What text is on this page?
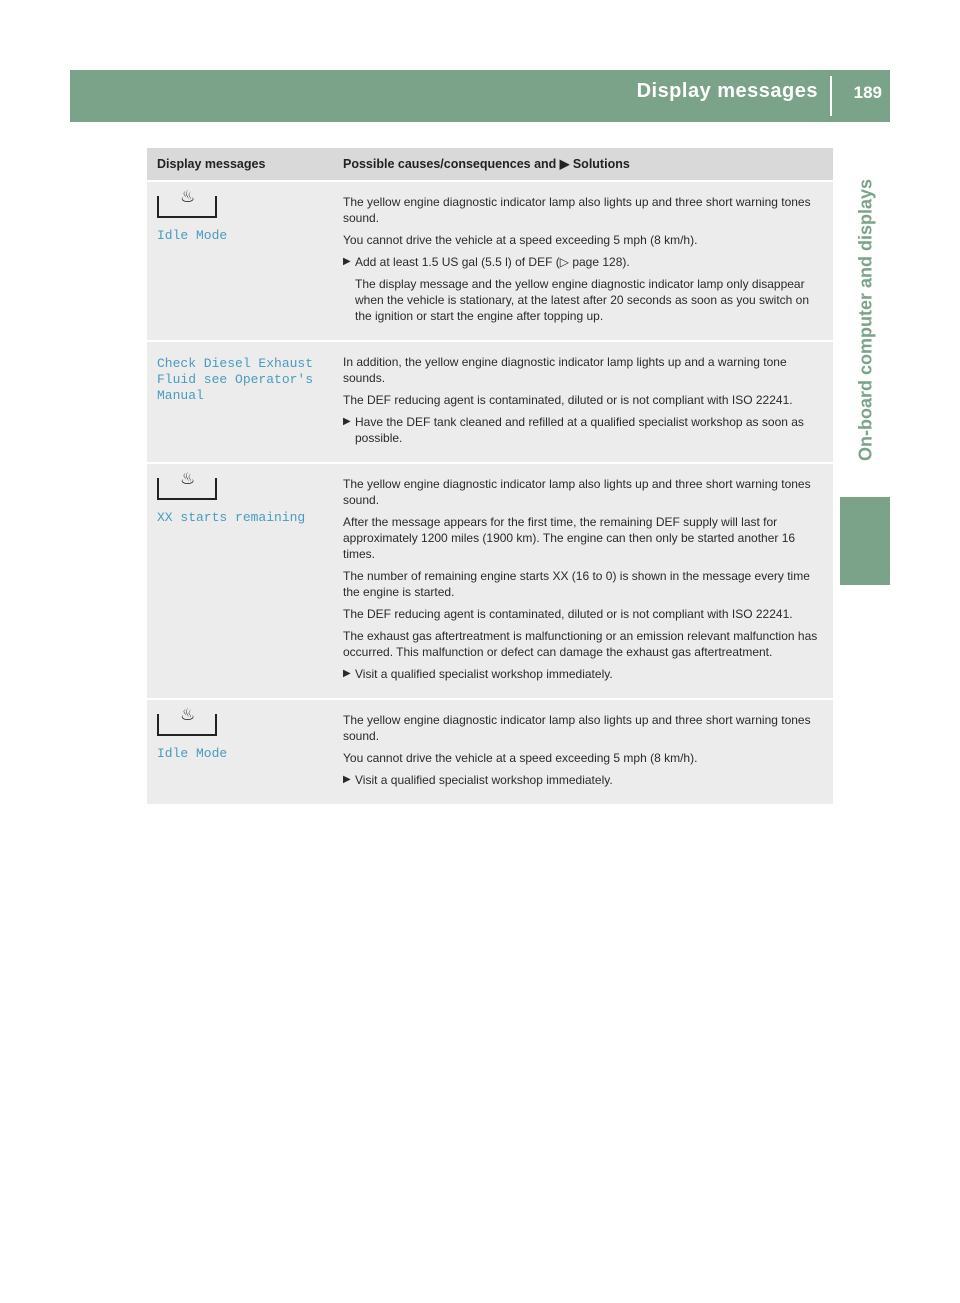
Display messages 189
On-board computer and displays
Display messages	Possible causes/consequences and ▶ Solutions
♨
Idle Mode

The yellow engine diagnostic indicator lamp also lights up and three short warning tones sound.

You cannot drive the vehicle at a speed exceeding 5 mph (8 km/h).

▶ Add at least 1.5 US gal (5.5 l) of DEF (▷ page 128).
The display message and the yellow engine diagnostic indicator lamp only disappear when the vehicle is stationary, at the latest after 20 seconds as soon as you switch on the ignition or start the engine after topping up.
Check Diesel Exhaust Fluid see Operator's Manual

In addition, the yellow engine diagnostic indicator lamp lights up and a warning tone sounds.

The DEF reducing agent is contaminated, diluted or is not compliant with ISO 22241.

▶ Have the DEF tank cleaned and refilled at a qualified specialist workshop as soon as possible.
♨
XX starts remaining

The yellow engine diagnostic indicator lamp also lights up and three short warning tones sound.

After the message appears for the first time, the remaining DEF supply will last for approximately 1200 miles (1900 km). The engine can then only be started another 16 times.

The number of remaining engine starts XX (16 to 0) is shown in the message every time the engine is started.

The DEF reducing agent is contaminated, diluted or is not compliant with ISO 22241.

The exhaust gas aftertreatment is malfunctioning or an emission relevant malfunction has occurred. This malfunction or defect can damage the exhaust gas aftertreatment.

▶ Visit a qualified specialist workshop immediately.
♨
Idle Mode

The yellow engine diagnostic indicator lamp also lights up and three short warning tones sound.

You cannot drive the vehicle at a speed exceeding 5 mph (8 km/h).

▶ Visit a qualified specialist workshop immediately.
